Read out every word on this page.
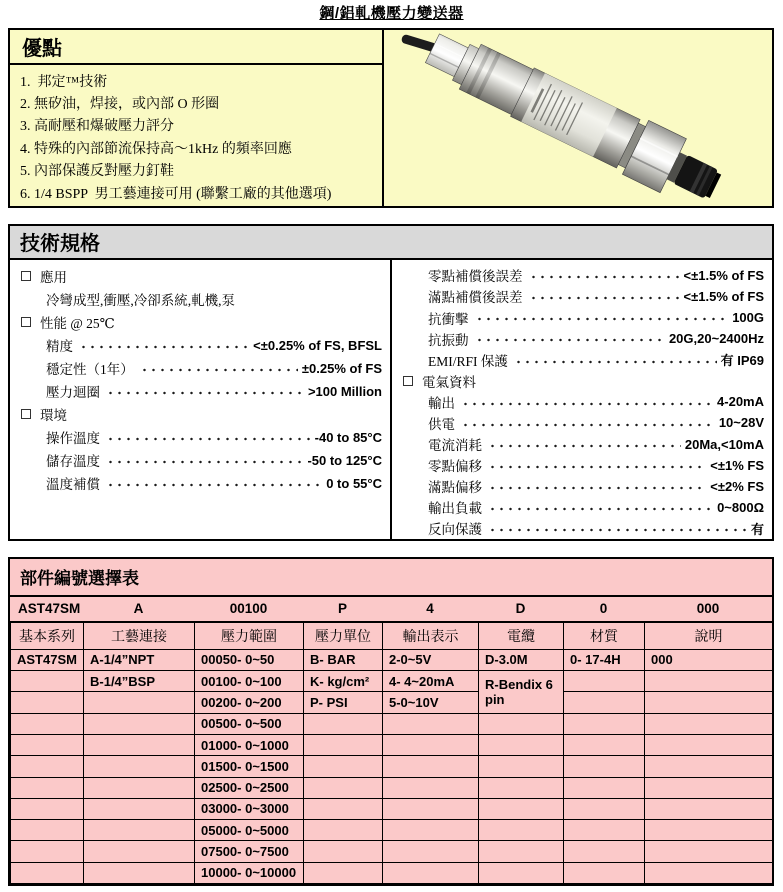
鋼/鋁軋機壓力變送器
優點
1.  邦定™技術
2. 無矽油，焊接，或內部 O 形圈
3. 高耐壓和爆破壓力評分
4. 特殊的內部節流保持高～1kHz 的頻率回應
5. 內部保護反對壓力釘鞋
6. 1/4 BSPP  男工藝連接可用 (聯繫工廠的其他選項)
技術規格
應用
冷彎成型,衝壓,冷卻系統,軋機,泵
性能 @ 25℃
精度	<±0.25% of FS, BFSL
穩定性（1年）	±0.25% of FS
壓力迴圈	>100 Million
環境
操作溫度	-40 to 85°C
儲存溫度	-50 to 125°C
溫度補償	0 to 55°C
零點補償後誤差	<±1.5% of FS
滿點補償後誤差	<±1.5% of FS
抗衝擊	100G
抗振動	20G,20~2400Hz
EMI/RFI 保護	有 IP69
電氣資料
輸出	4-20mA
供電	10~28V
電流消耗	20Ma,<10mA
零點偏移	<±1% FS
滿點偏移	<±2% FS
輸出負載	0~800Ω
反向保護	有
部件編號選擇表
AST47SM	A	00100	P	4	D	0	000
基本系列	工藝連接	壓力範圍	壓力單位	輸出表示	電纜	材質	說明
AST47SM	A-1/4”NPT	00050- 0~50	B- BAR	2-0~5V	D-3.0M	0- 17-4H	000
	B-1/4”BSP	00100- 0~100	K- kg/cm²	4- 4~20mA	R-Bendix 6 pin		
		00200- 0~200	P- PSI	5-0~10V			
		00500- 0~500					
		01000- 0~1000					
		01500- 0~1500					
		02500- 0~2500					
		03000- 0~3000					
		05000- 0~5000					
		07500- 0~7500					
		10000- 0~10000					
